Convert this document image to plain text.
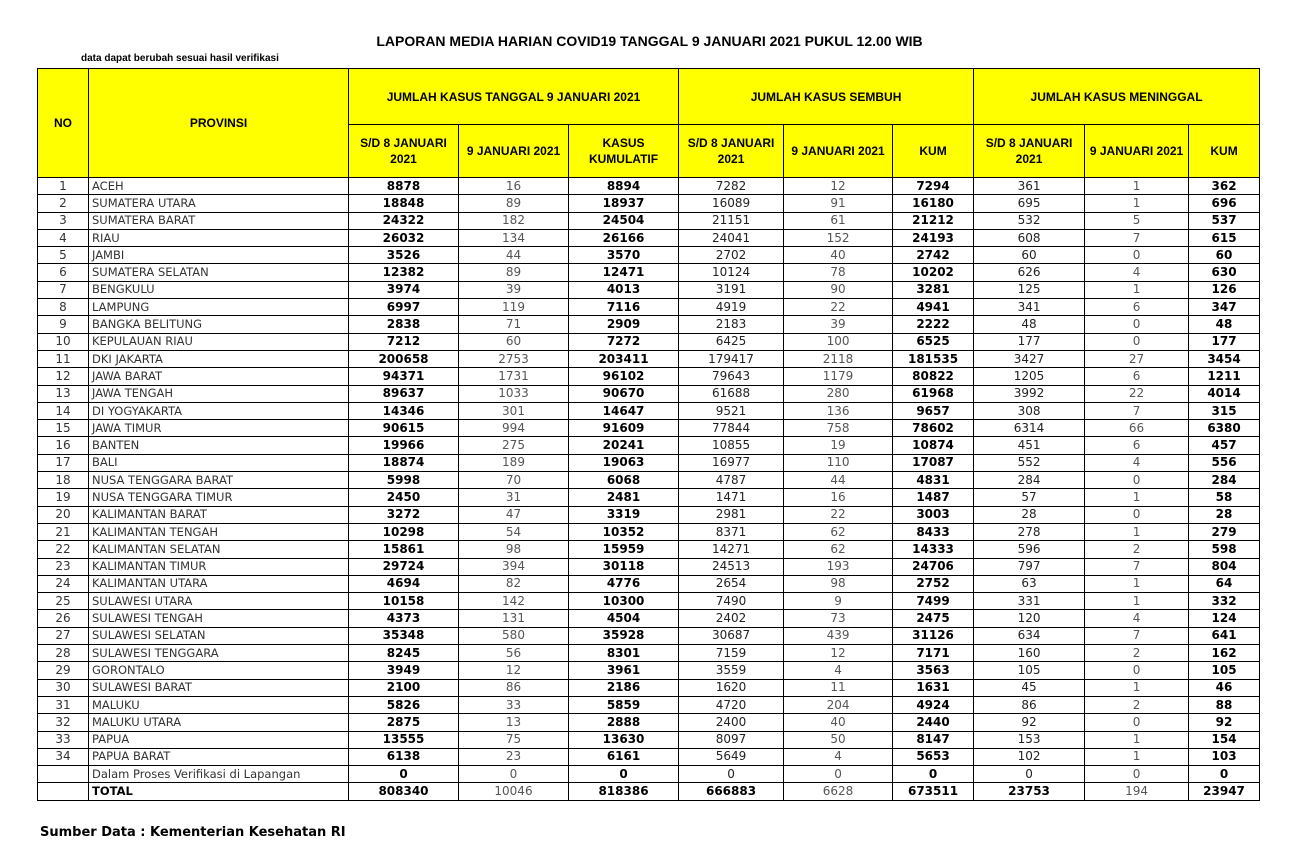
LAPORAN MEDIA HARIAN COVID19 TANGGAL 9 JANUARI 2021 PUKUL 12.00 WIB
data dapat berubah sesuai hasil verifikasi
NO	PROVINSI	JUMLAH KASUS TANGGAL 9 JANUARI 2021			JUMLAH KASUS SEMBUH			JUMLAH KASUS MENINGGAL		
		S/D 8 JANUARI 2021	9 JANUARI 2021	KASUS KUMULATIF	S/D 8 JANUARI 2021	9 JANUARI 2021	KUM	S/D 8 JANUARI 2021	9 JANUARI 2021	KUM
1	ACEH	8878	16	8894	7282	12	7294	361	1	362
2	SUMATERA UTARA	18848	89	18937	16089	91	16180	695	1	696
3	SUMATERA BARAT	24322	182	24504	21151	61	21212	532	5	537
4	RIAU	26032	134	26166	24041	152	24193	608	7	615
5	JAMBI	3526	44	3570	2702	40	2742	60	0	60
6	SUMATERA SELATAN	12382	89	12471	10124	78	10202	626	4	630
7	BENGKULU	3974	39	4013	3191	90	3281	125	1	126
8	LAMPUNG	6997	119	7116	4919	22	4941	341	6	347
9	BANGKA BELITUNG	2838	71	2909	2183	39	2222	48	0	48
10	KEPULAUAN RIAU	7212	60	7272	6425	100	6525	177	0	177
11	DKI JAKARTA	200658	2753	203411	179417	2118	181535	3427	27	3454
12	JAWA BARAT	94371	1731	96102	79643	1179	80822	1205	6	1211
13	JAWA TENGAH	89637	1033	90670	61688	280	61968	3992	22	4014
14	DI YOGYAKARTA	14346	301	14647	9521	136	9657	308	7	315
15	JAWA TIMUR	90615	994	91609	77844	758	78602	6314	66	6380
16	BANTEN	19966	275	20241	10855	19	10874	451	6	457
17	BALI	18874	189	19063	16977	110	17087	552	4	556
18	NUSA TENGGARA BARAT	5998	70	6068	4787	44	4831	284	0	284
19	NUSA TENGGARA TIMUR	2450	31	2481	1471	16	1487	57	1	58
20	KALIMANTAN BARAT	3272	47	3319	2981	22	3003	28	0	28
21	KALIMANTAN TENGAH	10298	54	10352	8371	62	8433	278	1	279
22	KALIMANTAN SELATAN	15861	98	15959	14271	62	14333	596	2	598
23	KALIMANTAN TIMUR	29724	394	30118	24513	193	24706	797	7	804
24	KALIMANTAN UTARA	4694	82	4776	2654	98	2752	63	1	64
25	SULAWESI UTARA	10158	142	10300	7490	9	7499	331	1	332
26	SULAWESI TENGAH	4373	131	4504	2402	73	2475	120	4	124
27	SULAWESI SELATAN	35348	580	35928	30687	439	31126	634	7	641
28	SULAWESI TENGGARA	8245	56	8301	7159	12	7171	160	2	162
29	GORONTALO	3949	12	3961	3559	4	3563	105	0	105
30	SULAWESI BARAT	2100	86	2186	1620	11	1631	45	1	46
31	MALUKU	5826	33	5859	4720	204	4924	86	2	88
32	MALUKU UTARA	2875	13	2888	2400	40	2440	92	0	92
33	PAPUA	13555	75	13630	8097	50	8147	153	1	154
34	PAPUA BARAT	6138	23	6161	5649	4	5653	102	1	103
	Dalam Proses Verifikasi di Lapangan	0	0	0	0	0	0	0	0	0
	TOTAL	808340	10046	818386	666883	6628	673511	23753	194	23947
Sumber Data : Kementerian Kesehatan RI
